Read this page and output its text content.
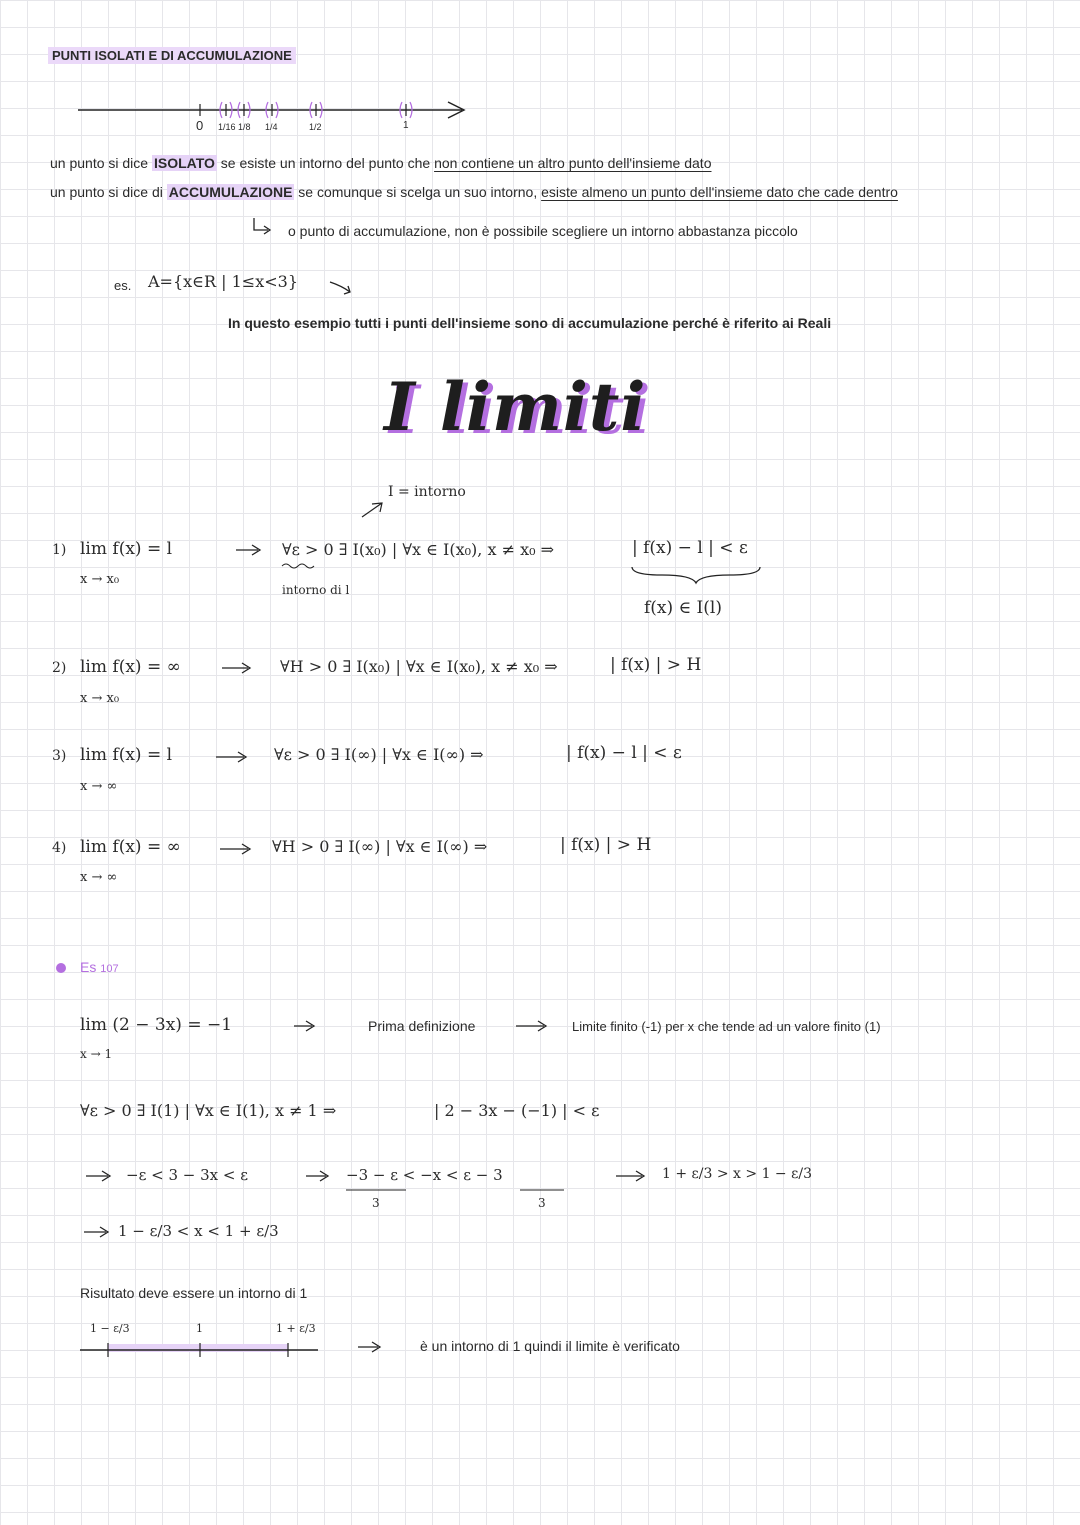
PUNTI ISOLATI E DI ACCUMULAZIONE
0 1/16 1/8 1/4	1/2	1
un punto si dice ISOLATO se esiste un intorno del punto che non contiene un altro punto dell'insieme dato
un punto si dice di ACCUMULAZIONE se comunque si scelga un suo intorno, esiste almeno un punto dell'insieme dato che cade dentro
o punto di accumulazione, non è possibile scegliere un intorno abbastanza piccolo
es. A={x∈R | 1≤x<3}
In questo esempio tutti i punti dell'insieme sono di accumulazione perché è riferito ai Reali
I limiti
I = intorno
1) lim f(x) = l
x → x₀
∀ε > 0 ∃ I(x₀) | ∀x ∈ I(x₀), x ≠ x₀ ⇒	| f(x) − l | < ε
intorno di l
f(x) ∈ I(l)
2) lim f(x) = ∞
x → x₀
∀H > 0 ∃ I(x₀) | ∀x ∈ I(x₀), x ≠ x₀ ⇒	| f(x) | > H
3) lim f(x) = l
x → ∞
∀ε > 0 ∃ I(∞) | ∀x ∈ I(∞) ⇒	| f(x) − l | < ε
4) lim f(x) = ∞
x → ∞
∀H > 0 ∃ I(∞) | ∀x ∈ I(∞) ⇒	| f(x) | > H
Es 107
lim (2 − 3x) = −1
x → 1
Prima definizione	Limite finito (-1) per x che tende ad un valore finito (1)
∀ε > 0 ∃ I(1) | ∀x ∈ I(1), x ≠ 1 ⇒	| 2 − 3x − (−1) | < ε
−ε < 3 − 3x < ε	−3 − ε < −x < ε − 3
3	3
1 + ε/3 > x > 1 − ε/3
1 − ε/3 < x < 1 + ε/3
Risultato deve essere un intorno di 1
1 − ε/3	1	1 + ε/3
è un intorno di 1 quindi il limite è verificato
